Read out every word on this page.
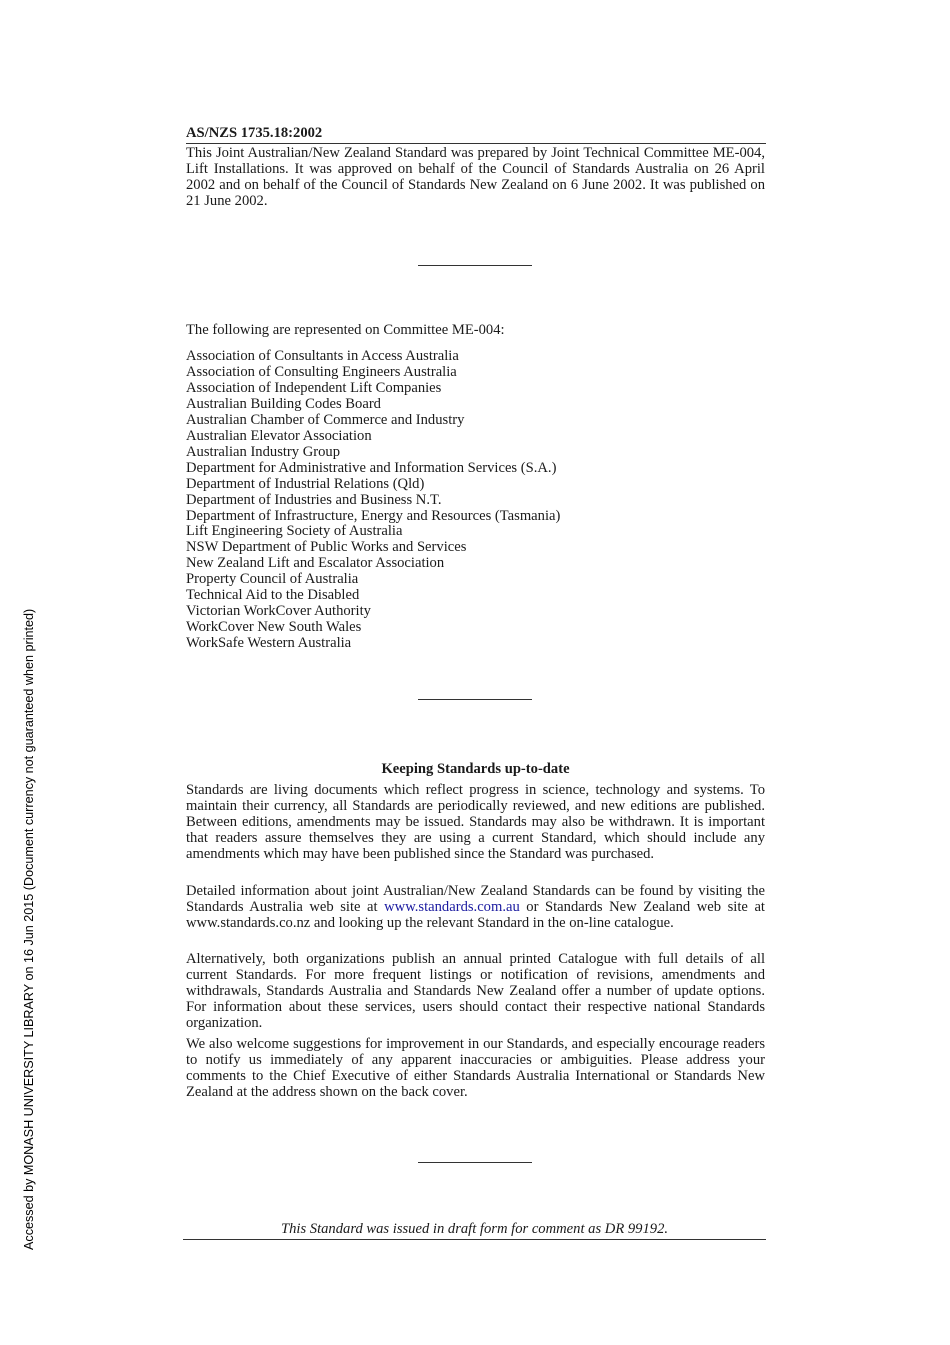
Accessed by MONASH UNIVERSITY LIBRARY on 16 Jun 2015 (Document currency not guaranteed when printed)
AS/NZS 1735.18:2002

This Joint Australian/New Zealand Standard was prepared by Joint Technical Committee ME-004, Lift Installations. It was approved on behalf of the Council of Standards Australia on 26 April 2002 and on behalf of the Council of Standards New Zealand on 6 June 2002. It was published on 21 June 2002.

The following are represented on Committee ME-004:
Association of Consultants in Access Australia
Association of Consulting Engineers Australia
Association of Independent Lift Companies
Australian Building Codes Board
Australian Chamber of Commerce and Industry
Australian Elevator Association
Australian Industry Group
Department for Administrative and Information Services (S.A.)
Department of Industrial Relations (Qld)
Department of Industries and Business N.T.
Department of Infrastructure, Energy and Resources (Tasmania)
Lift Engineering Society of Australia
NSW Department of Public Works and Services
New Zealand Lift and Escalator Association
Property Council of Australia
Technical Aid to the Disabled
Victorian WorkCover Authority
WorkCover New South Wales
WorkSafe Western Australia
Keeping Standards up-to-date

Standards are living documents which reflect progress in science, technology and systems. To maintain their currency, all Standards are periodically reviewed, and new editions are published. Between editions, amendments may be issued. Standards may also be withdrawn. It is important that readers assure themselves they are using a current Standard, which should include any amendments which may have been published since the Standard was purchased.

Detailed information about joint Australian/New Zealand Standards can be found by visiting the Standards Australia web site at www.standards.com.au or Standards New Zealand web site at www.standards.co.nz and looking up the relevant Standard in the on-line catalogue.

Alternatively, both organizations publish an annual printed Catalogue with full details of all current Standards. For more frequent listings or notification of revisions, amendments and withdrawals, Standards Australia and Standards New Zealand offer a number of update options. For information about these services, users should contact their respective national Standards organization.

We also welcome suggestions for improvement in our Standards, and especially encourage readers to notify us immediately of any apparent inaccuracies or ambiguities. Please address your comments to the Chief Executive of either Standards Australia International or Standards New Zealand at the address shown on the back cover.

This Standard was issued in draft form for comment as DR 99192.
